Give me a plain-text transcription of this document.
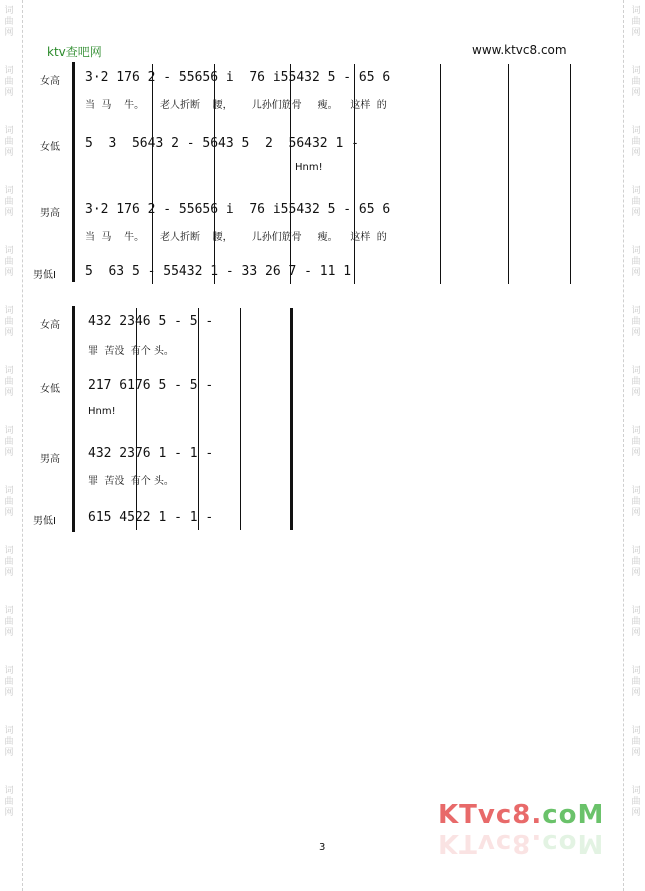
词
曲
网
词
曲
网
词
曲
网
词
曲
网
词
曲
网
词
曲
网
词
曲
网
词
曲
网
词
曲
网
词
曲
网
词
曲
网
词
曲
网
词
曲
网
词
曲
网
词
曲
网
词
曲
网
词
曲
网
词
曲
网
词
曲
网
词
曲
网
词
曲
网
词
曲
网
词
曲
网
词
曲
网
词
曲
网
词
曲
网
词
曲
网
词
曲
网
ktv查吧网	www.ktvc8.com
女高 3·2 176 2 - 55656 i  76 i55432 5 - 65 6
当  马    牛。     老人折断    腰，      儿孙们筋骨     瘦。    这样  的
女低 5  3  5643 2 - 5643 5  2  56432 1 -
Hnm!
男高 3·2 176 2 - 55656 i  76 i55432 5 - 65 6
当  马    牛。     老人折断    腰，      儿孙们筋骨     瘦。    这样  的
男低Ⅰ 5  63 5 - 55432 1 - 33 26 7 - 11 1
女高 432 2346 5 - 5 -
罪  苦没  有个 头。
女低 217 6176 5 - 5 -
Hnm!
男高 432 2376 1 - 1 -
罪  苦没  有个 头。
男低Ⅰ 615 4522 1 - 1 -
3
KTvc8.coM
KTvc8.coM
